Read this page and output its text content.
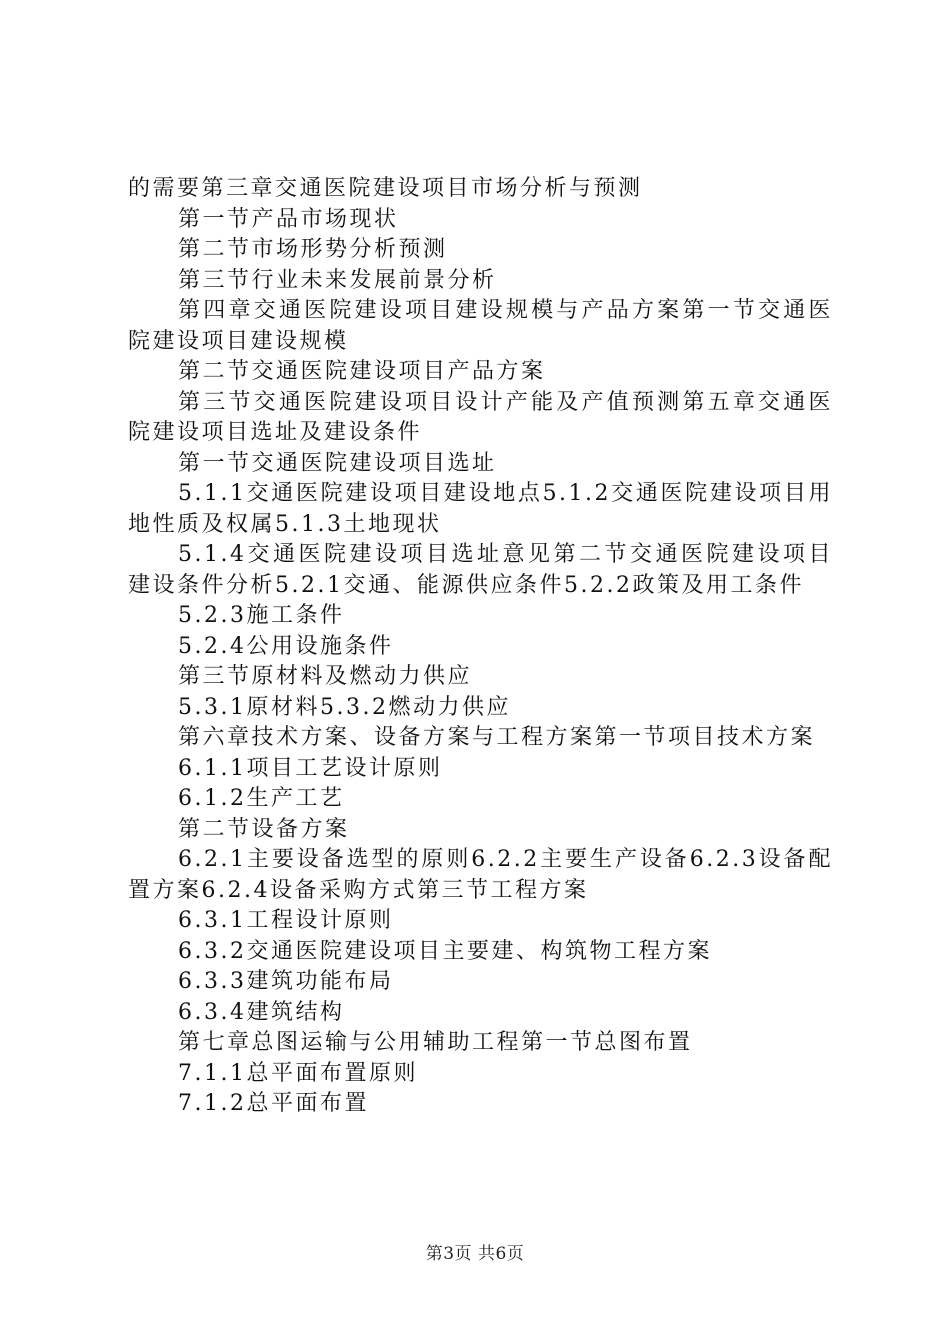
的需要第三章交通医院建设项目市场分析与预测

第一节产品市场现状

第二节市场形势分析预测

第三节行业未来发展前景分析

第四章交通医院建设项目建设规模与产品方案第一节交通医院建设项目建设规模

第二节交通医院建设项目产品方案

第三节交通医院建设项目设计产能及产值预测第五章交通医院建设项目选址及建设条件

第一节交通医院建设项目选址

5.1.1交通医院建设项目建设地点5.1.2交通医院建设项目用地性质及权属5.1.3土地现状

5.1.4交通医院建设项目选址意见第二节交通医院建设项目建设条件分析5.2.1交通、能源供应条件5.2.2政策及用工条件

5.2.3施工条件

5.2.4公用设施条件

第三节原材料及燃动力供应

5.3.1原材料5.3.2燃动力供应

第六章技术方案、设备方案与工程方案第一节项目技术方案

6.1.1项目工艺设计原则

6.1.2生产工艺

第二节设备方案

6.2.1主要设备选型的原则6.2.2主要生产设备6.2.3设备配置方案6.2.4设备采购方式第三节工程方案

6.3.1工程设计原则

6.3.2交通医院建设项目主要建、构筑物工程方案

6.3.3建筑功能布局

6.3.4建筑结构

第七章总图运输与公用辅助工程第一节总图布置

7.1.1总平面布置原则

7.1.2总平面布置

第3页 共6页
